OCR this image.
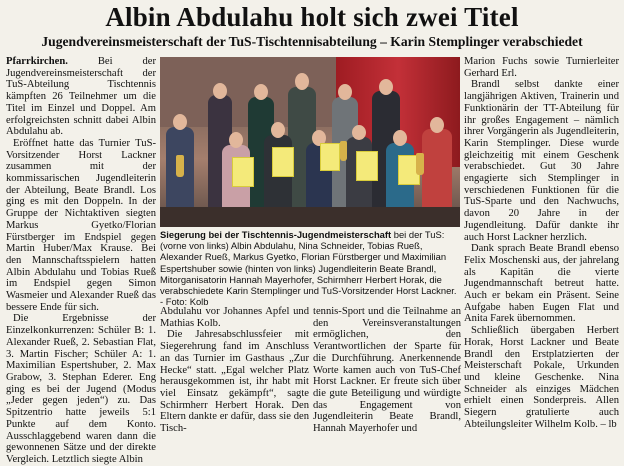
Albin Abdulahu holt sich zwei Titel
Jugendvereinsmeisterschaft der TuS-Tischtennisabteilung – Karin Stemplinger verabschiedet

Pfarrkirchen. Bei der Jugendvereinsmeisterschaft der TuS-Abteilung Tischtennis kämpften 26 Teilnehmer um die Titel im Einzel und Doppel. Am erfolgreichsten schnitt dabei Albin Abdulahu ab.

Eröffnet hatte das Turnier TuS-Vorsitzender Horst Lackner zusammen mit der kommissarischen Jugendleiterin der Abteilung, Beate Brandl. Los ging es mit den Doppeln. In der Gruppe der Nichtaktiven siegten Markus Gyetko/Florian Fürstberger im Endspiel gegen Martin Huber/Max Krause. Bei den Mannschaftsspielern hatten Albin Abdulahu und Tobias Rueß im Endspiel gegen Simon Wasmeier und Alexander Rueß das bessere Ende für sich.

Die Ergebnisse der Einzelkonkurrenzen: Schüler B: 1. Alexander Rueß, 2. Sebastian Flat, 3. Martin Fischer; Schüler A: 1. Maximilian Espertshuber, 2. Max Grabow, 3. Stephan Ederer. Eng ging es bei der Jugend (Modus „Jeder gegen jeden“) zu. Das Spitzentrio hatte jeweils 5:1 Punkte auf dem Konto. Ausschlaggebend waren dann die gewonnenen Sätze und der direkte Vergleich. Letztlich siegte Albin

Siegerung bei der Tischtennis-Jugendmeisterschaft bei der TuS: (vorne von links) Albin Abdulahu, Nina Schneider, Tobias Rueß, Alexander Rueß, Markus Gyetko, Florian Fürstberger und Maximilian Espertshuber sowie (hinten von links) Jugendleiterin Beate Brandl, Mitorganisatorin Hannah Mayerhofer, Schirmherr Herbert Horak, die verabschiedete Karin Stemplinger und TuS-Vorsitzender Horst Lackner. - Foto: Kolb

Abdulahu vor Johannes Apfel und Mathias Kolb.

Die Jahresabschlussfeier mit Siegerehrung fand im Anschluss an das Turnier im Gasthaus „Zur Hecke“ statt. „Egal welcher Platz herausgekommen ist, ihr habt mit viel Einsatz gekämpft“, sagte Schirmherr Herbert Horak. Den Eltern dankte er dafür, dass sie den Tisch-

tennis-Sport und die Teilnahme an den Vereinsveranstaltungen ermöglichen, den Verantwortlichen der Sparte für die Durchführung. Anerkennende Worte kamen auch von TuS-Chef Horst Lackner. Er freute sich über die gute Beteiligung und würdigte das Engagement von Jugendleiterin Beate Brandl, Hannah Mayerhofer und

Marion Fuchs sowie Turnierleiter Gerhard Erl.

Brandl selbst dankte einer langjährigen Aktiven, Trainerin und Funktionärin der TT-Abteilung für ihr großes Engagement – nämlich ihrer Vorgängerin als Jugendleiterin, Karin Stemplinger. Diese wurde gleichzeitig mit einem Geschenk verabschiedet. Gut 30 Jahre engagierte sich Stemplinger in verschiedenen Funktionen für die TuS-Sparte und den Nachwuchs, davon 20 Jahre in der Jugendleitung. Dafür dankte ihr auch Horst Lackner herzlich.

Dank sprach Beate Brandl ebenso Felix Moschenski aus, der jahrelang als Kapitän die vierte Jugendmannschaft betreut hatte. Auch er bekam ein Präsent. Seine Aufgabe haben Eugen Flat und Anita Farek übernommen.

Schließlich übergaben Herbert Horak, Horst Lackner und Beate Brandl den Erstplatzierten der Meisterschaft Pokale, Urkunden und kleine Geschenke. Nina Schneider als einziges Mädchen erhielt einen Sonderpreis. Allen Siegern gratulierte auch Abteilungsleiter Wilhelm Kolb. – lb
